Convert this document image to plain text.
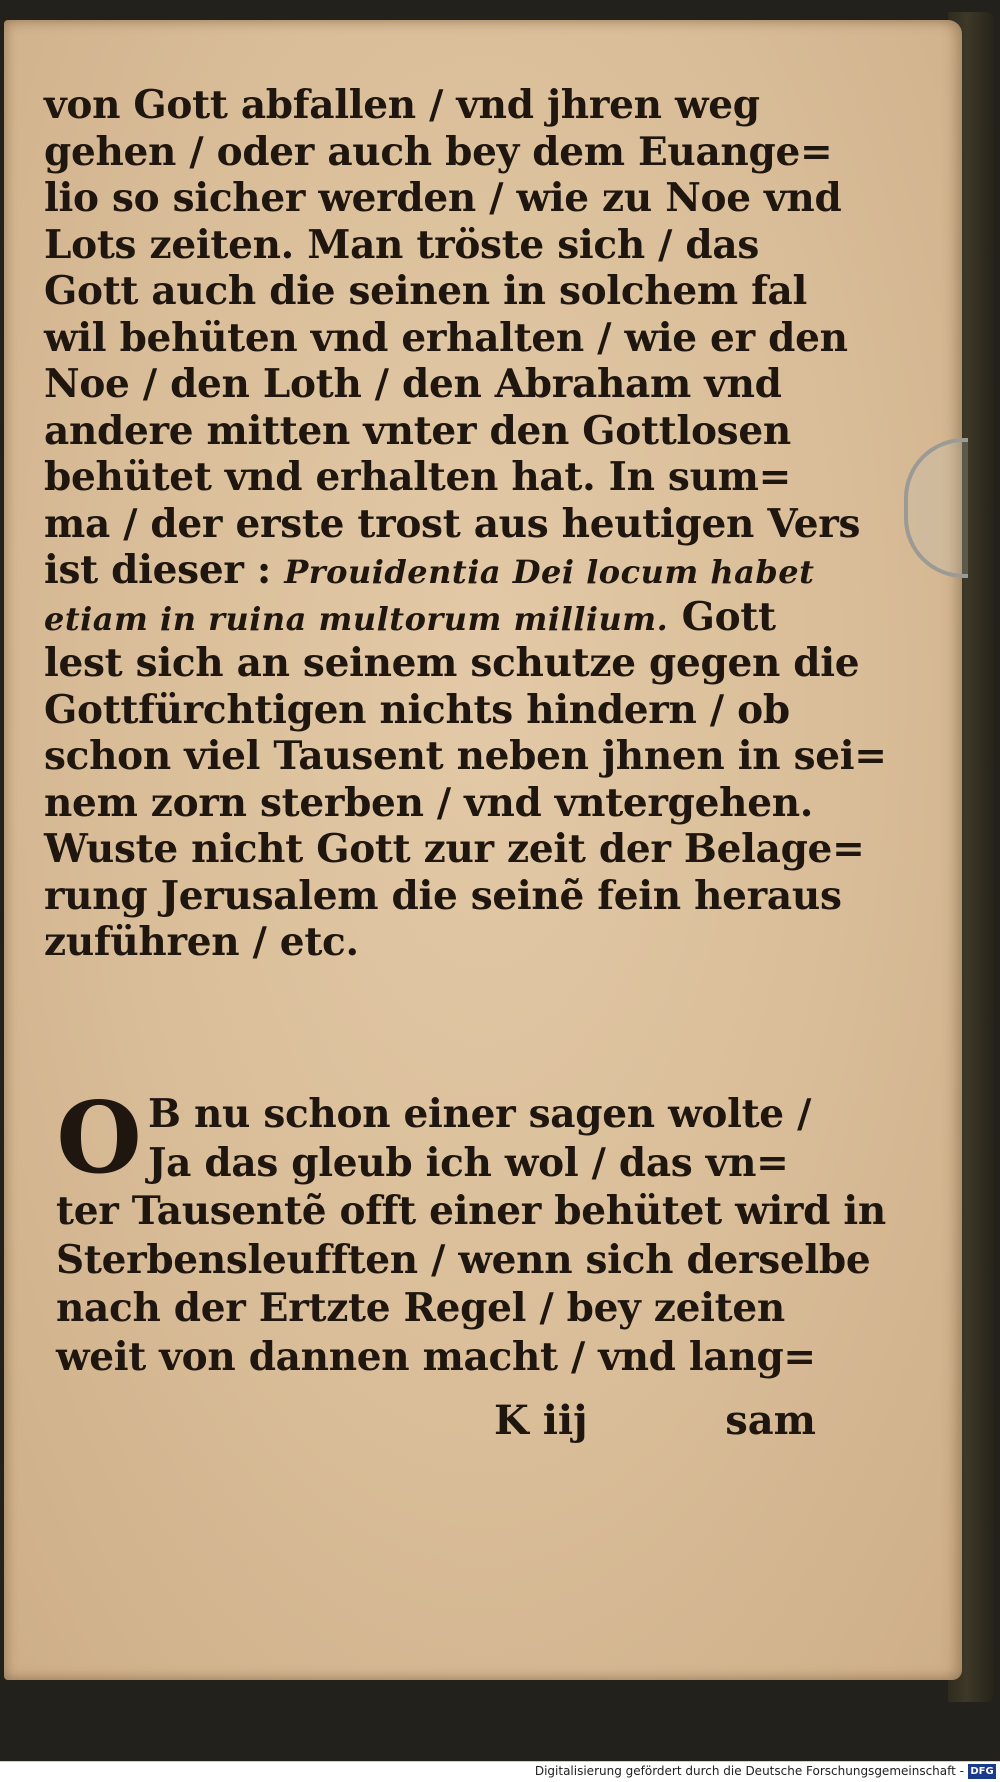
von Gott abfallen / vnd jhren weg
gehen / oder auch bey dem Euange=
lio so sicher werden / wie zu Noe vnd
Lots zeiten. Man tröste sich / das
Gott auch die seinen in solchem fal
wil behüten vnd erhalten / wie er den
Noe / den Loth / den Abraham vnd
andere mitten vnter den Gottlosen
behütet vnd erhalten hat. In sum=
ma / der erste trost aus heutigen Vers
ist dieser : Prouidentia Dei locum habet
etiam in ruina multorum millium. Gott
lest sich an seinem schutze gegen die
Gottfürchtigen nichts hindern / ob
schon viel Tausent neben jhnen in sei=
nem zorn sterben / vnd vntergehen.
Wuste nicht Gott zur zeit der Belage=
rung Jerusalem die seinẽ fein heraus
zuführen / etc.
O B nu schon einer sagen wolte /
Ja das gleub ich wol / das vn=
ter Tausentẽ offt einer behütet wird in
Sterbensleufften / wenn sich derselbe
nach der Ertzte Regel / bey zeiten
weit von dannen macht / vnd lang=
K iij	sam
Digitalisierung gefördert durch die Deutsche Forschungsgemeinschaft - DFG
